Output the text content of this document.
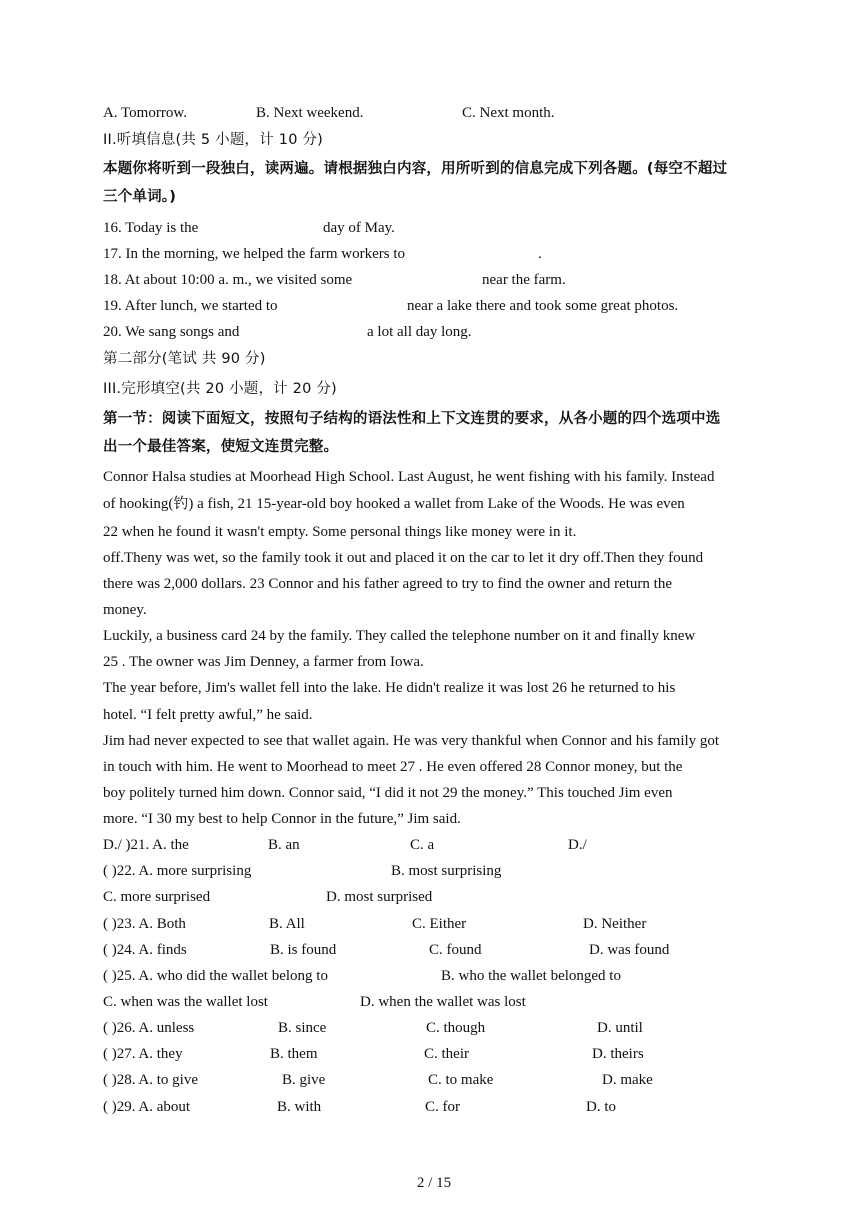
A. Tomorrow.	B. Next weekend.	C. Next month.
II.听填信息(共 5 小题，计 10 分)
本题你将听到一段独白，读两遍。请根据独白内容，用所听到的信息完成下列各题。(每空不超过
三个单词。)
16. Today is the	day of May.
17. In the morning, we helped the farm workers to	.
18. At about 10:00 a. m., we visited some	near the farm.
19. After lunch, we started to	near a lake there and took some great photos.
20. We sang songs and	a lot all day long.
第二部分(笔试 共 90 分)
III.完形填空(共 20 小题，计 20 分)
第一节：阅读下面短文，按照句子结构的语法性和上下文连贯的要求，从各小题的四个选项中选
出一个最佳答案，使短文连贯完整。
Connor Halsa studies at Moorhead High School. Last August, he went fishing with his family. Instead
of hooking(钓) a fish, 21 15-year-old boy hooked a wallet from Lake of the Woods. He was even
22 when he found it wasn't empty. Some personal things like money were in it.
off.Theny was wet, so the family took it out and placed it on the car to let it dry off.Then they found
there was 2,000 dollars. 23 Connor and his father agreed to try to find the owner and return the
money.
Luckily, a business card 24 by the family. They called the telephone number on it and finally knew
25 . The owner was Jim Denney, a farmer from Iowa.
The year before, Jim's wallet fell into the lake. He didn't realize it was lost 26 he returned to his
hotel. “I felt pretty awful,” he said.
Jim had never expected to see that wallet again. He was very thankful when Connor and his family got
in touch with him. He went to Moorhead to meet 27 . He even offered 28 Connor money, but the
boy politely turned him down. Connor said, “I did it not 29 the money.” This touched Jim even
more. “I 30 my best to help Connor in the future,” Jim said.
D./ )21. A. the	B. an	C. a	D./
( )22. A. more surprising	B. most surprising
C. more surprised	D. most surprised
( )23. A. Both	B. All	C. Either	D. Neither
( )24. A. finds	B. is found	C. found	D. was found
( )25. A. who did the wallet belong to	B. who the wallet belonged to
C. when was the wallet lost	D. when the wallet was lost
( )26. A. unless	B. since	C. though	D. until
( )27. A. they	B. them	C. their	D. theirs
( )28. A. to give	B. give	C. to make	D. make
( )29. A. about	B. with	C. for	D. to
2 / 15
